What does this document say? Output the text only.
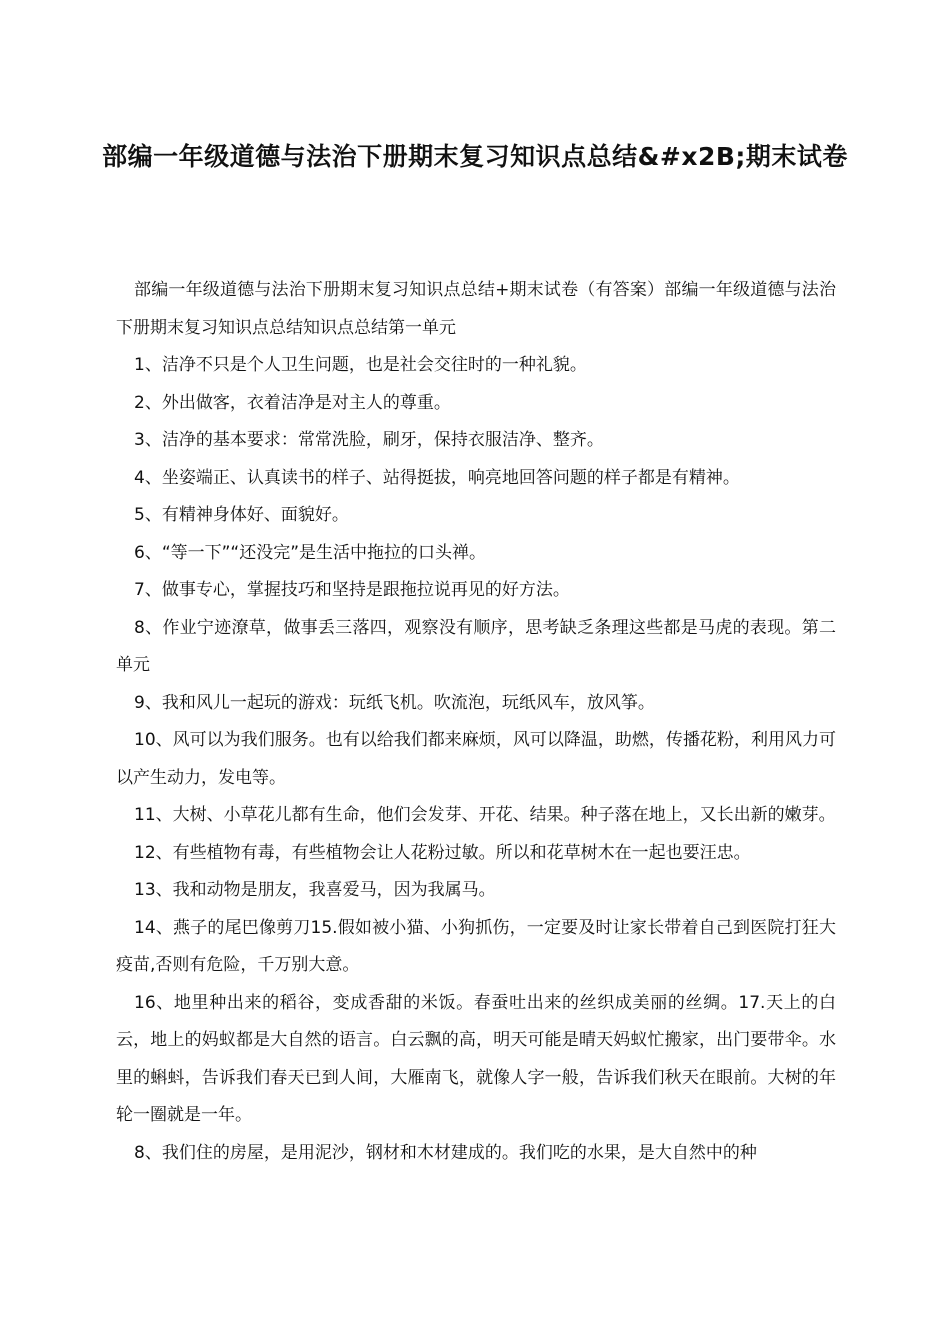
部编一年级道德与法治下册期末复习知识点总结&#x2B;期末试卷

部编一年级道德与法治下册期末复习知识点总结+期末试卷（有答案）部编一年级道德与法治下册期末复习知识点总结知识点总结第一单元

1、洁净不只是个人卫生问题，也是社会交往时的一种礼貌。

2、外出做客，衣着洁净是对主人的尊重。

3、洁净的基本要求：常常洗脸，刷牙，保持衣服洁净、整齐。

4、坐姿端正、认真读书的样子、站得挺拔，响亮地回答问题的样子都是有精神。

5、有精神身体好、面貌好。

6、“等一下”“还没完”是生活中拖拉的口头禅。

7、做事专心，掌握技巧和坚持是跟拖拉说再见的好方法。

8、作业宁迹潦草，做事丢三落四，观察没有顺序，思考缺乏条理这些都是马虎的表现。第二单元

9、我和风儿一起玩的游戏：玩纸飞机。吹流泡，玩纸风车，放风筝。

10、风可以为我们服务。也有以给我们都来麻烦，风可以降温，助燃，传播花粉，利用风力可以产生动力，发电等。

11、大树、小草花儿都有生命，他们会发芽、开花、结果。种子落在地上，又长出新的嫩芽。

12、有些植物有毒，有些植物会让人花粉过敏。所以和花草树木在一起也要汪忠。

13、我和动物是朋友，我喜爱马，因为我属马。

14、燕子的尾巴像剪刀15.假如被小猫、小狗抓伤，一定要及时让家长带着自己到医院打狂大疫苗,否则有危险，千万别大意。

16、地里种出来的稻谷，变成香甜的米饭。春蚕吐出来的丝织成美丽的丝绸。17.天上的白云，地上的妈蚁都是大自然的语言。白云飘的高，明天可能是晴天妈蚁忙搬家，出门要带伞。水里的蝌蚪，告诉我们春天已到人间，大雁南飞，就像人字一般，告诉我们秋天在眼前。大树的年轮一圈就是一年。

8、我们住的房屋，是用泥沙，钢材和木材建成的。我们吃的水果，是大自然中的种
